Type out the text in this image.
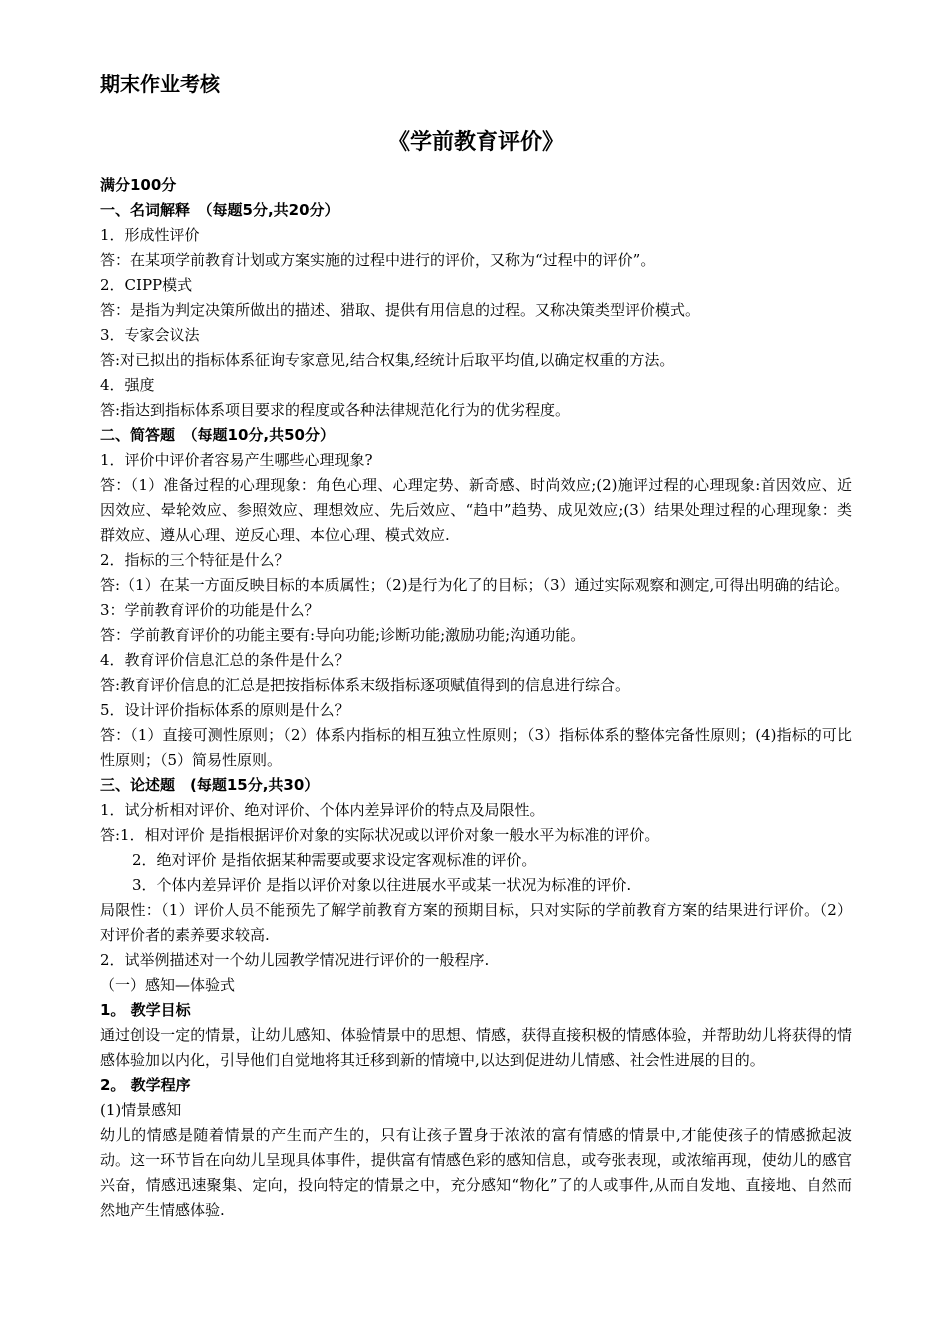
期末作业考核
《学前教育评价》
满分100分
一、名词解释　（每题5分,共20分）
1．形成性评价
答：在某项学前教育计划或方案实施的过程中进行的评价，又称为“过程中的评价”。
2．CIPP模式
答：是指为判定决策所做出的描述、猎取、提供有用信息的过程。又称决策类型评价模式。
3．专家会议法
答:对已拟出的指标体系征询专家意见,结合权集,经统计后取平均值,以确定权重的方法。
4．强度
答:指达到指标体系项目要求的程度或各种法律规范化行为的优劣程度。
二、简答题　（每题10分,共50分）
1．评价中评价者容易产生哪些心理现象?
答：（1）准备过程的心理现象：角色心理、心理定势、新奇感、时尚效应;(2)施评过程的心理现象:首因效应、近因效应、晕轮效应、参照效应、理想效应、先后效应、“趋中”趋势、成见效应;(3）结果处理过程的心理现象：类群效应、遵从心理、逆反心理、本位心理、模式效应.
2．指标的三个特征是什么？
答:（1）在某一方面反映目标的本质属性；（2)是行为化了的目标；（3）通过实际观察和测定,可得出明确的结论。
3：学前教育评价的功能是什么？
答：学前教育评价的功能主要有:导向功能;诊断功能;激励功能;沟通功能。
4．教育评价信息汇总的条件是什么？
答:教育评价信息的汇总是把按指标体系末级指标逐项赋值得到的信息进行综合。
5．设计评价指标体系的原则是什么？
答：（1）直接可测性原则；（2）体系内指标的相互独立性原则；（3）指标体系的整体完备性原则；(4)指标的可比性原则；（5）简易性原则。
三、论述题　(每题15分,共30）
1．试分析相对评价、绝对评价、个体内差异评价的特点及局限性。
答:1．相对评价 是指根据评价对象的实际状况或以评价对象一般水平为标准的评价。
2．绝对评价 是指依据某种需要或要求设定客观标准的评价。
3．个体内差异评价 是指以评价对象以往进展水平或某一状况为标准的评价.
局限性：（1）评价人员不能预先了解学前教育方案的预期目标，只对实际的学前教育方案的结果进行评价。（2）对评价者的素养要求较高.
2．试举例描述对一个幼儿园教学情况进行评价的一般程序.
（一）感知—体验式
1。 教学目标
通过创设一定的情景，让幼儿感知、体验情景中的思想、情感，获得直接积极的情感体验，并帮助幼儿将获得的情感体验加以内化，引导他们自觉地将其迁移到新的情境中,以达到促进幼儿情感、社会性进展的目的。
2。 教学程序
(1)情景感知
幼儿的情感是随着情景的产生而产生的，只有让孩子置身于浓浓的富有情感的情景中,才能使孩子的情感掀起波动。这一环节旨在向幼儿呈现具体事件，提供富有情感色彩的感知信息，或夸张表现，或浓缩再现，使幼儿的感官兴奋，情感迅速聚集、定向，投向特定的情景之中，充分感知“物化”了的人或事件,从而自发地、直接地、自然而然地产生情感体验.
